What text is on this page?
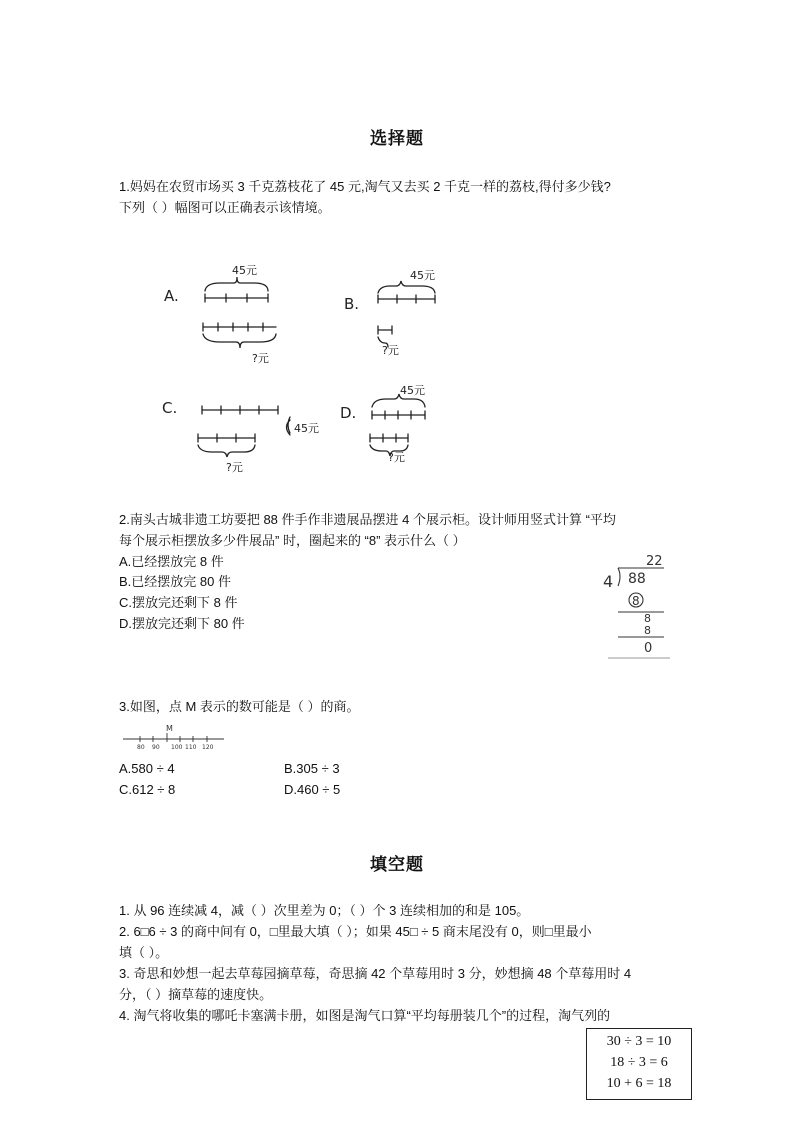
选择题
1.妈妈在农贸市场买 3 千克荔枝花了 45 元,淘气又去买 2 千克一样的荔枝,得付多少钱?
下列（ ）幅图可以正确表示该情境。
A.	B.
C.	D.
45元
?元
45元
?元
45元
?元
45元
?元
2.南头古城非遗工坊要把 88 件手作非遗展品摆进 4 个展示柜。设计师用竖式计算 “平均
每个展示柜摆放多少件展品” 时，圈起来的 “8” 表示什么（ ）
A.已经摆放完 8 件
B.已经摆放完 80 件
C.摆放完还剩下 8 件
D.摆放完还剩下 80 件
22
4 88
8
8
8
0
3.如图，点 M 表示的数可能是（ ）的商。
M
80 90 100 110 120
A.580 ÷ 4	B.305 ÷ 3
C.612 ÷ 8	D.460 ÷ 5
填空题
1. 从 96 连续减 4，减（ ）次里差为 0；（ ）个 3 连续相加的和是 105。
2. 6□6 ÷ 3 的商中间有 0，□里最大填（ ）；如果 45□ ÷ 5 商末尾没有 0，则□里最小
填（ ）。
3. 奇思和妙想一起去草莓园摘草莓，奇思摘 42 个草莓用时 3 分，妙想摘 48 个草莓用时 4
分，（ ）摘草莓的速度快。
4. 淘气将收集的哪吒卡塞满卡册，如图是淘气口算“平均每册装几个”的过程，淘气列的
30 ÷ 3 = 10
18 ÷ 3 = 6
10 + 6 = 18
